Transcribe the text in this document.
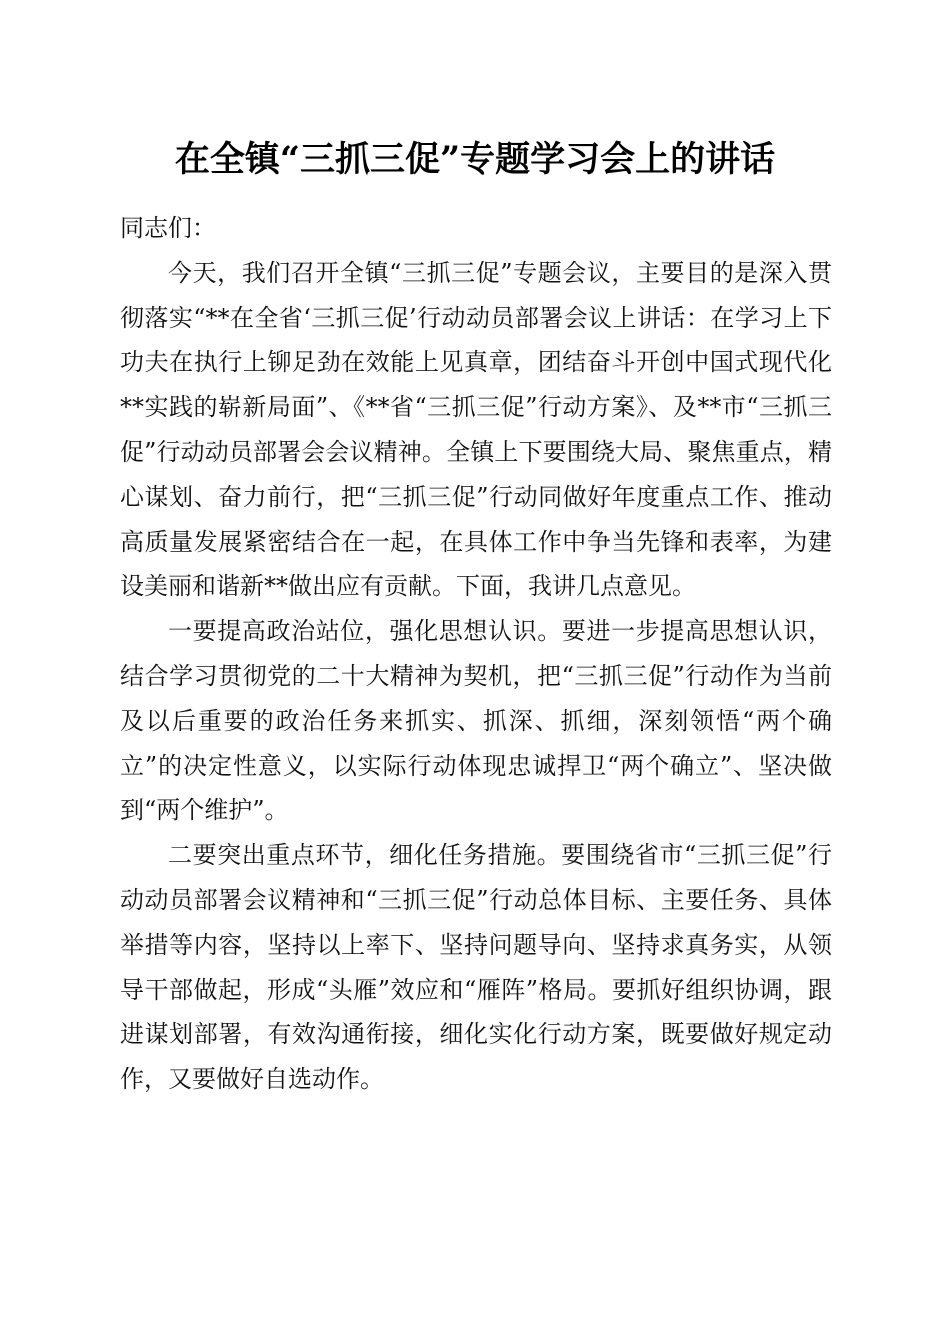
在全镇“三抓三促”专题学习会上的讲话

同志们：

今天，我们召开全镇“三抓三促”专题会议，主要目的是深入贯彻落实“**在全省‘三抓三促’行动动员部署会议上讲话：在学习上下功夫在执行上铆足劲在效能上见真章，团结奋斗开创中国式现代化**实践的崭新局面”、《**省“三抓三促”行动方案》、及**市“三抓三促”行动动员部署会会议精神。全镇上下要围绕大局、聚焦重点，精心谋划、奋力前行，把“三抓三促”行动同做好年度重点工作、推动高质量发展紧密结合在一起，在具体工作中争当先锋和表率，为建设美丽和谐新**做出应有贡献。下面，我讲几点意见。

一要提高政治站位，强化思想认识。要进一步提高思想认识，结合学习贯彻党的二十大精神为契机，把“三抓三促”行动作为当前及以后重要的政治任务来抓实、抓深、抓细，深刻领悟“两个确立”的决定性意义，以实际行动体现忠诚捍卫“两个确立”、坚决做到“两个维护”。

二要突出重点环节，细化任务措施。要围绕省市“三抓三促”行动动员部署会议精神和“三抓三促”行动总体目标、主要任务、具体举措等内容，坚持以上率下、坚持问题导向、坚持求真务实，从领导干部做起，形成“头雁”效应和“雁阵”格局。要抓好组织协调，跟进谋划部署，有效沟通衔接，细化实化行动方案，既要做好规定动作，又要做好自选动作。
